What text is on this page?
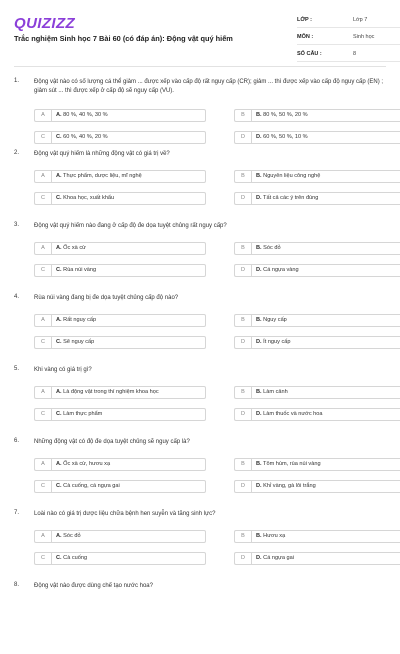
QUIZIZZ
Trắc nghiệm Sinh học 7 Bài 60 (có đáp án): Động vật quý hiếm
LỚP :	Lớp 7
MÔN :	Sinh học
SỐ CÂU :	8
1. Động vật nào có số lượng cá thể giảm ... được xếp vào cấp độ rất nguy cấp (CR); giảm ... thì được xếp vào cấp độ nguy cấp (EN) ; giảm sút ... thì được xếp ở cấp độ sẽ nguy cấp (VU).
A	A. 80 %, 40 %, 30 %	B	B. 80 %, 50 %, 20 %
C	C. 60 %, 40 %, 20 %	D	D. 60 %, 50 %, 10 %
2. Động vật quý hiếm là những động vật có giá trị về?
A	A. Thực phẩm, dược liệu, mĩ nghệ	B	B. Nguyên liệu công nghệ
C	C. Khoa học, xuất khẩu	D	D. Tất cả các ý trên đúng
3. Động vật quý hiếm nào đang ở cấp độ đe dọa tuyệt chủng rất nguy cấp?
A	A. Ốc xà cừ	B	B. Sóc đỏ
C	C. Rùa núi vàng	D	D. Cá ngựa vàng
4. Rùa núi vàng đang bị đe dọa tuyệt chủng cấp độ nào?
A	A. Rất nguy cấp	B	B. Nguy cấp
C	C. Sẽ nguy cấp	D	D. Ít nguy cấp
5. Khi vàng có giá trị gì?
A	A. Là động vật trong thí nghiệm khoa học	B	B. Làm cảnh
C	C. Làm thực phẩm	D	D. Làm thuốc và nước hoa
6. Những động vật có độ đe dọa tuyệt chủng sẽ nguy cấp là?
A	A. Ốc xà cừ, hươu xạ	B	B. Tôm hùm, rùa núi vàng
C	C. Cà cuống, cá ngựa gai	D	D. Khỉ vàng, gà lôi trắng
7. Loài nào có giá trị dược liệu chữa bệnh hen suyễn và tăng sinh lực?
A	A. Sóc đỏ	B	B. Hươu xạ
C	C. Cà cuống	D	D. Cá ngựa gai
8. Động vật nào được dùng chế tạo nước hoa?
